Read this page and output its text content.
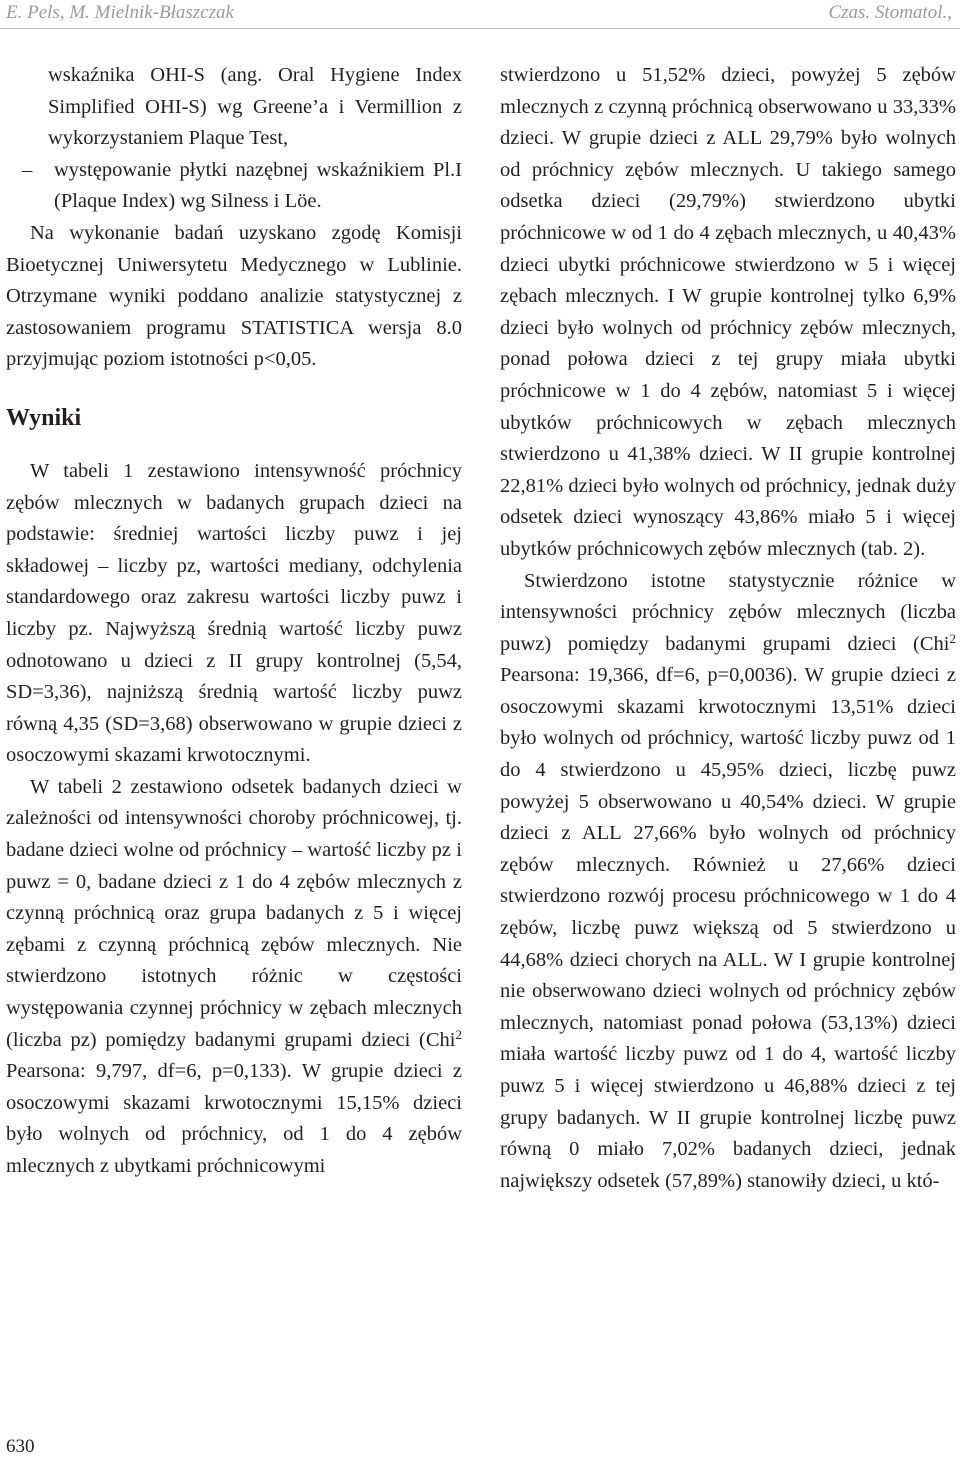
E. Pels, M. Mielnik-Błaszczak	Czas. Stomatol.,

wskaźnika OHI-S (ang. Oral Hygiene Index Simplified OHI-S) wg Greene’a i Vermillion z wykorzystaniem Plaque Test,

– występowanie płytki nazębnej wskaźnikiem Pl.I (Plaque Index) wg Silness i Löe.

Na wykonanie badań uzyskano zgodę Komisji Bioetycznej Uniwersytetu Medycznego w Lublinie. Otrzymane wyniki poddano analizie statystycznej z zastosowaniem programu STATISTICA wersja 8.0 przyjmując poziom istotności p<0,05.

Wyniki

W tabeli 1 zestawiono intensywność próchnicy zębów mlecznych w badanych grupach dzieci na podstawie: średniej wartości liczby puwz i jej składowej – liczby pz, wartości mediany, odchylenia standardowego oraz zakresu wartości liczby puwz i liczby pz. Najwyższą średnią wartość liczby puwz odnotowano u dzieci z II grupy kontrolnej (5,54, SD=3,36), najniższą średnią wartość liczby puwz równą 4,35 (SD=3,68) obserwowano w grupie dzieci z osoczowymi skazami krwotocznymi.

W tabeli 2 zestawiono odsetek badanych dzieci w zależności od intensywności choroby próchnicowej, tj. badane dzieci wolne od próchnicy – wartość liczby pz i puwz = 0, badane dzieci z 1 do 4 zębów mlecznych z czynną próchnicą oraz grupa badanych z 5 i więcej zębami z czynną próchnicą zębów mlecznych. Nie stwierdzono istotnych różnic w częstości występowania czynnej próchnicy w zębach mlecznych (liczba pz) pomiędzy badanymi grupami dzieci (Chi$^2$ Pearsona: 9,797, df=6, p=0,133). W grupie dzieci z osoczowymi skazami krwotocznymi 15,15% dzieci było wolnych od próchnicy, od 1 do 4 zębów mlecznych z ubytkami próchnicowymi

stwierdzono u 51,52% dzieci, powyżej 5 zębów mlecznych z czynną próchnicą obserwowano u 33,33% dzieci. W grupie dzieci z ALL 29,79% było wolnych od próchnicy zębów mlecznych. U takiego samego odsetka dzieci (29,79%) stwierdzono ubytki próchnicowe w od 1 do 4 zębach mlecznych, u 40,43% dzieci ubytki próchnicowe stwierdzono w 5 i więcej zębach mlecznych. I W grupie kontrolnej tylko 6,9% dzieci było wolnych od próchnicy zębów mlecznych, ponad połowa dzieci z tej grupy miała ubytki próchnicowe w 1 do 4 zębów, natomiast 5 i więcej ubytków próchnicowych w zębach mlecznych stwierdzono u 41,38% dzieci. W II grupie kontrolnej 22,81% dzieci było wolnych od próchnicy, jednak duży odsetek dzieci wynoszący 43,86% miało 5 i więcej ubytków próchnicowych zębów mlecznych (tab. 2).

Stwierdzono istotne statystycznie różnice w intensywności próchnicy zębów mlecznych (liczba puwz) pomiędzy badanymi grupami dzieci (Chi$^2$ Pearsona: 19,366, df=6, p=0,0036). W grupie dzieci z osoczowymi skazami krwotocznymi 13,51% dzieci było wolnych od próchnicy, wartość liczby puwz od 1 do 4 stwierdzono u 45,95% dzieci, liczbę puwz powyżej 5 obserwowano u 40,54% dzieci. W grupie dzieci z ALL 27,66% było wolnych od próchnicy zębów mlecznych. Również u 27,66% dzieci stwierdzono rozwój procesu próchnicowego w 1 do 4 zębów, liczbę puwz większą od 5 stwierdzono u 44,68% dzieci chorych na ALL. W I grupie kontrolnej nie obserwowano dzieci wolnych od próchnicy zębów mlecznych, natomiast ponad połowa (53,13%) dzieci miała wartość liczby puwz od 1 do 4, wartość liczby puwz 5 i więcej stwierdzono u 46,88% dzieci z tej grupy badanych. W II grupie kontrolnej liczbę puwz równą 0 miało 7,02% badanych dzieci, jednak największy odsetek (57,89%) stanowiły dzieci, u któ-

630
